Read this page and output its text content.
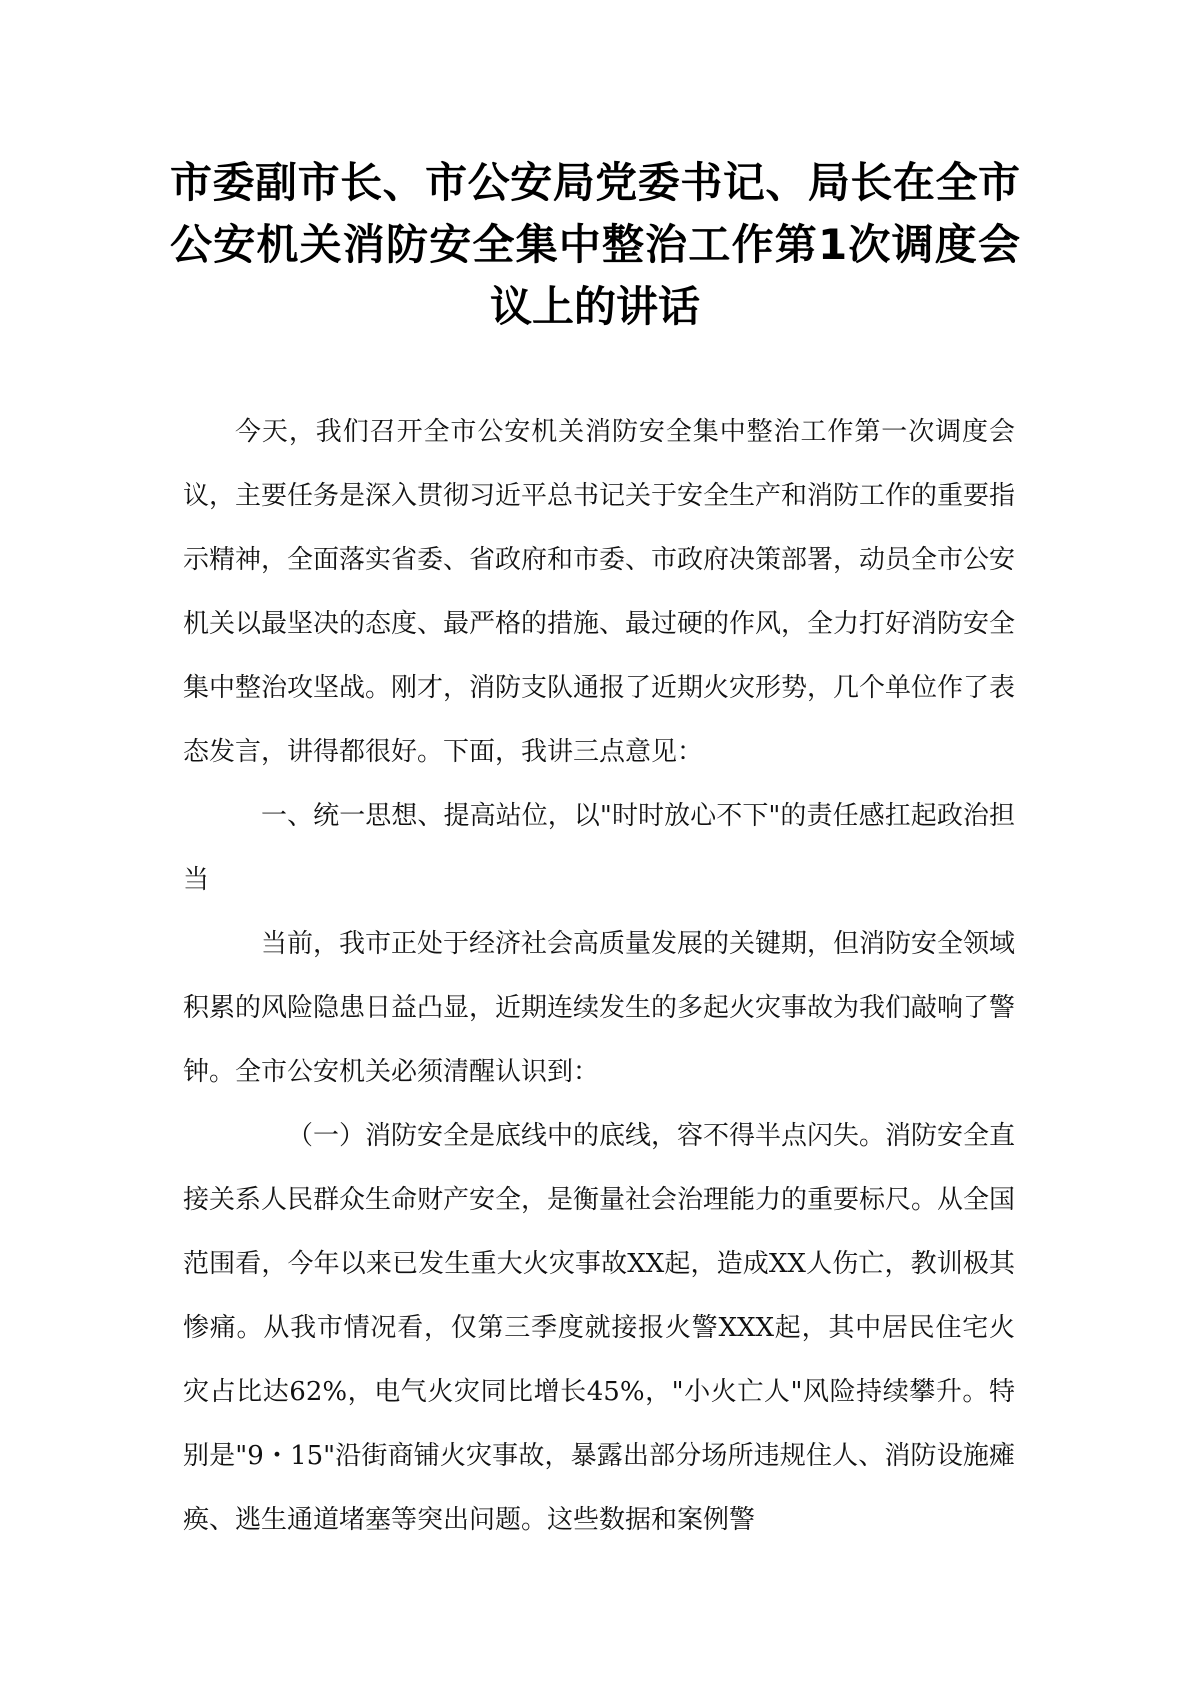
市委副市长、市公安局党委书记、局长在全市公安机关消防安全集中整治工作第1次调度会议上的讲话

今天，我们召开全市公安机关消防安全集中整治工作第一次调度会议，主要任务是深入贯彻习近平总书记关于安全生产和消防工作的重要指示精神，全面落实省委、省政府和市委、市政府决策部署，动员全市公安机关以最坚决的态度、最严格的措施、最过硬的作风，全力打好消防安全集中整治攻坚战。刚才，消防支队通报了近期火灾形势，几个单位作了表态发言，讲得都很好。下面，我讲三点意见：

一、统一思想、提高站位，以"时时放心不下"的责任感扛起政治担当

当前，我市正处于经济社会高质量发展的关键期，但消防安全领域积累的风险隐患日益凸显，近期连续发生的多起火灾事故为我们敲响了警钟。全市公安机关必须清醒认识到：

（一）消防安全是底线中的底线，容不得半点闪失。消防安全直接关系人民群众生命财产安全，是衡量社会治理能力的重要标尺。从全国范围看，今年以来已发生重大火灾事故XX起，造成XX人伤亡，教训极其惨痛。从我市情况看，仅第三季度就接报火警XXX起，其中居民住宅火灾占比达62%，电气火灾同比增长45%，"小火亡人"风险持续攀升。特别是"9・15"沿街商铺火灾事故，暴露出部分场所违规住人、消防设施瘫痪、逃生通道堵塞等突出问题。这些数据和案例警
